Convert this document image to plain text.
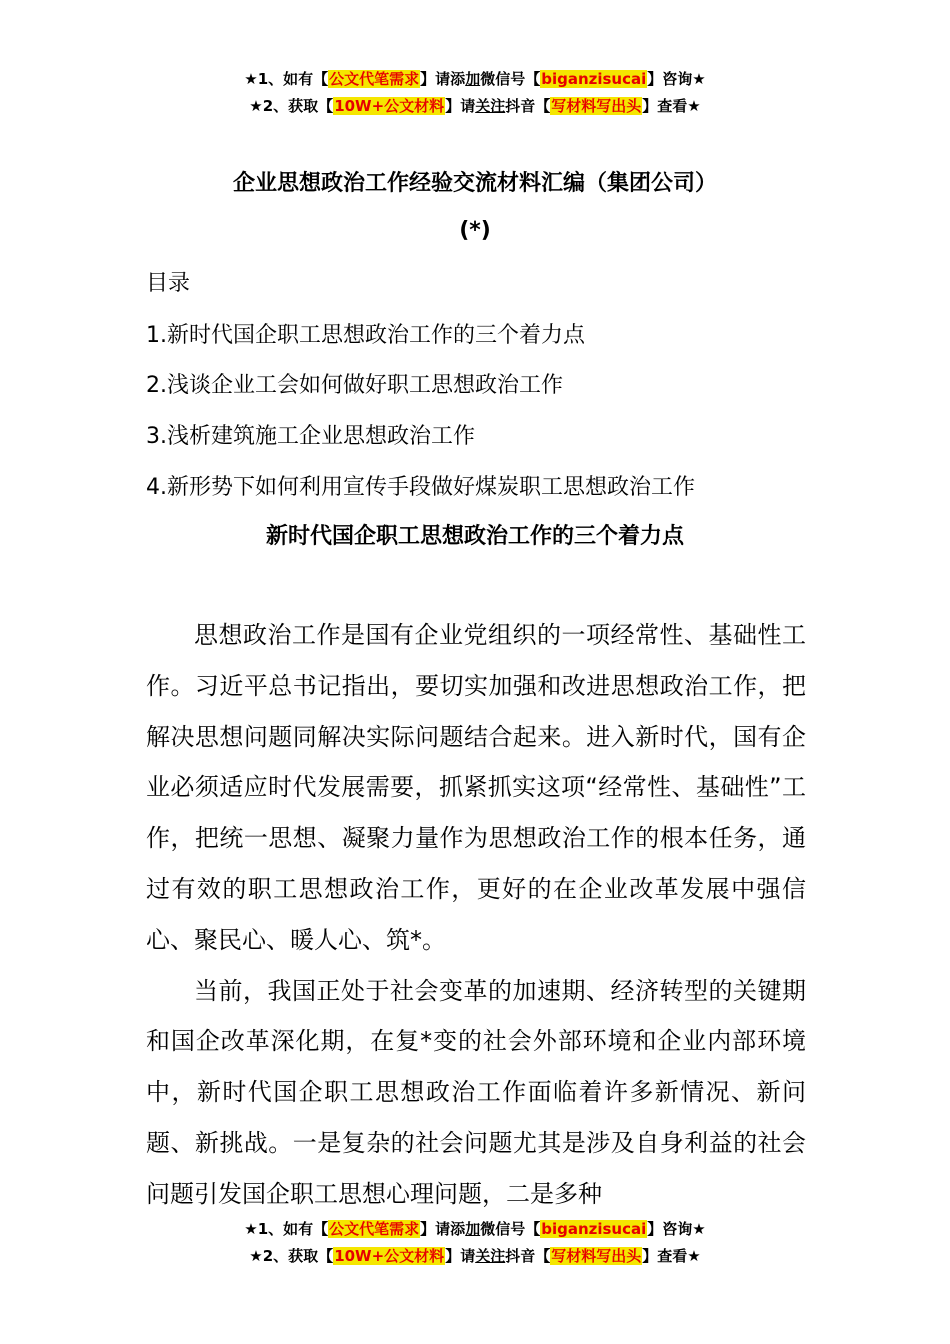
★1、如有【公文代笔需求】请添加微信号【biganzisucai】咨询★
★2、获取【10W+公文材料】请关注抖音【写材料写出头】查看★
企业思想政治工作经验交流材料汇编（集团公司）
(*)
目录
1.新时代国企职工思想政治工作的三个着力点
2.浅谈企业工会如何做好职工思想政治工作
3.浅析建筑施工企业思想政治工作
4.新形势下如何利用宣传手段做好煤炭职工思想政治工作
新时代国企职工思想政治工作的三个着力点

思想政治工作是国有企业党组织的一项经常性、基础性工作。习近平总书记指出，要切实加强和改进思想政治工作，把解决思想问题同解决实际问题结合起来。进入新时代，国有企业必须适应时代发展需要，抓紧抓实这项“经常性、基础性”工作，把统一思想、凝聚力量作为思想政治工作的根本任务，通过有效的职工思想政治工作，更好的在企业改革发展中强信心、聚民心、暖人心、筑*。

当前，我国正处于社会变革的加速期、经济转型的关键期和国企改革深化期，在复*变的社会外部环境和企业内部环境中，新时代国企职工思想政治工作面临着许多新情况、新问题、新挑战。一是复杂的社会问题尤其是涉及自身利益的社会问题引发国企职工思想心理问题，二是多种

★1、如有【公文代笔需求】请添加微信号【biganzisucai】咨询★
★2、获取【10W+公文材料】请关注抖音【写材料写出头】查看★
